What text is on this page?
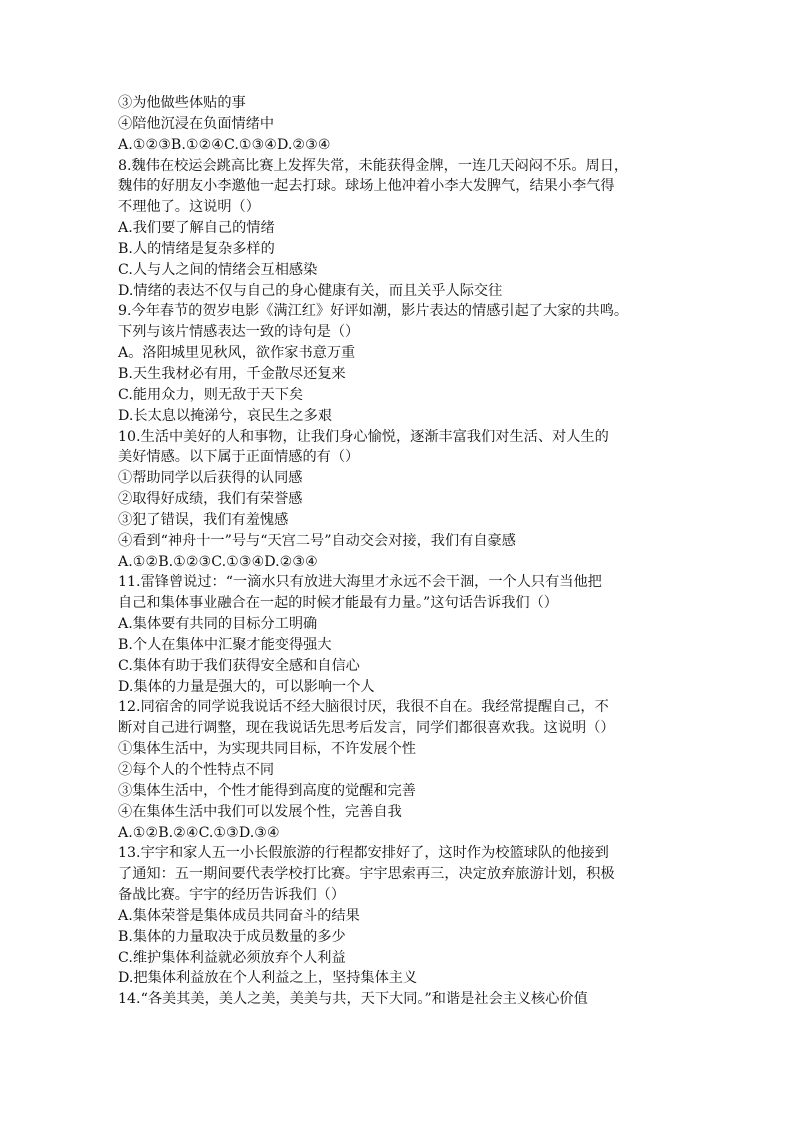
③为他做些体贴的事
④陪他沉浸在负面情绪中
A.①②③B.①②④C.①③④D.②③④
8.魏伟在校运会跳高比赛上发挥失常，未能获得金牌，一连几天闷闷不乐。周日，
魏伟的好朋友小李邀他一起去打球。球场上他冲着小李大发脾气，结果小李气得
不理他了。这说明（）
A.我们要了解自己的情绪
B.人的情绪是复杂多样的
C.人与人之间的情绪会互相感染
D.情绪的表达不仅与自己的身心健康有关，而且关乎人际交往
9.今年春节的贺岁电影《满江红》好评如潮，影片表达的情感引起了大家的共鸣。
下列与该片情感表达一致的诗句是（）
A。洛阳城里见秋风，欲作家书意万重
B.天生我材必有用，千金散尽还复来
C.能用众力，则无敌于天下矣
D.长太息以掩涕兮，哀民生之多艰
10.生活中美好的人和事物，让我们身心愉悦，逐渐丰富我们对生活、对人生的
美好情感。以下属于正面情感的有（）
①帮助同学以后获得的认同感
②取得好成绩，我们有荣誉感
③犯了错误，我们有羞愧感
④看到“神舟十一”号与“天宫二号”自动交会对接，我们有自豪感
A.①②B.①②③C.①③④D.②③④
11.雷锋曾说过：“一滴水只有放进大海里才永远不会干涸，一个人只有当他把
自己和集体事业融合在一起的时候才能最有力量。”这句话告诉我们（）
A.集体要有共同的目标分工明确
B.个人在集体中汇聚才能变得强大
C.集体有助于我们获得安全感和自信心
D.集体的力量是强大的，可以影响一个人
12.同宿舍的同学说我说话不经大脑很讨厌，我很不自在。我经常提醒自己，不
断对自己进行调整，现在我说话先思考后发言，同学们都很喜欢我。这说明（）
①集体生活中，为实现共同目标，不许发展个性
②每个人的个性特点不同
③集体生活中，个性才能得到高度的觉醒和完善
④在集体生活中我们可以发展个性，完善自我
A.①②B.②④C.①③D.③④
13.宇宇和家人五一小长假旅游的行程都安排好了，这时作为校篮球队的他接到
了通知：五一期间要代表学校打比赛。宇宇思索再三，决定放弃旅游计划，积极
备战比赛。宇宇的经历告诉我们（）
A.集体荣誉是集体成员共同奋斗的结果
B.集体的力量取决于成员数量的多少
C.维护集体利益就必须放弃个人利益
D.把集体利益放在个人利益之上，坚持集体主义
14.“各美其美，美人之美，美美与共，天下大同。”和谐是社会主义核心价值
